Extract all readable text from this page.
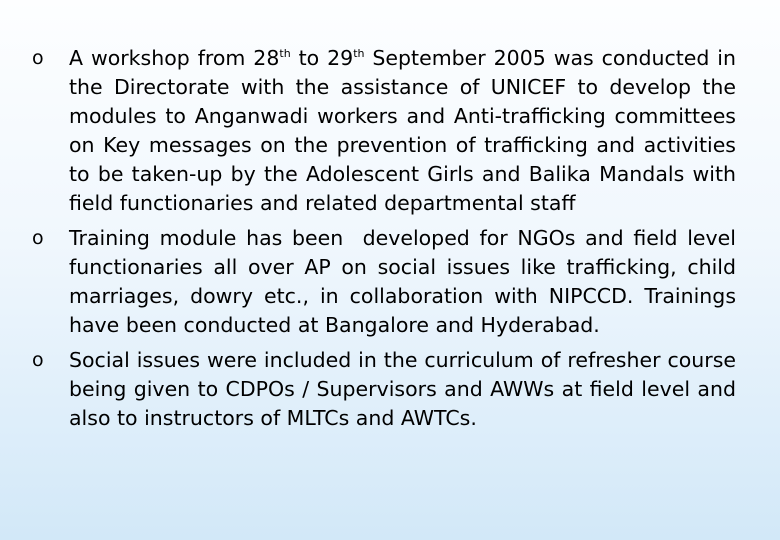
o A workshop from 28th to 29th September 2005 was conducted in the Directorate with the assistance of UNICEF to develop the modules to Anganwadi workers and Anti-trafficking committees on Key messages on the prevention of trafficking and activities to be taken-up by the Adolescent Girls and Balika Mandals with field functionaries and related departmental staff
o Training module has been  developed for NGOs and field level functionaries all over AP on social issues like trafficking, child marriages, dowry etc., in collaboration with NIPCCD. Trainings have been conducted at Bangalore and Hyderabad.
o Social issues were included in the curriculum of refresher course being given to CDPOs / Supervisors and AWWs at field level and also to instructors of MLTCs and AWTCs.
